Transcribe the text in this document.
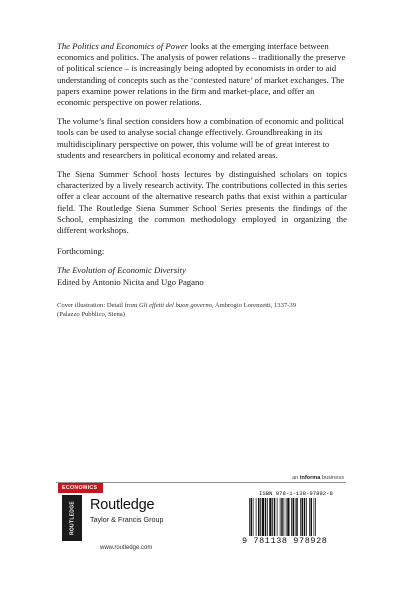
The Politics and Economics of Power looks at the emerging interface between economics and politics. The analysis of power relations – traditionally the preserve of political science – is increasingly being adopted by economists in order to aid understanding of concepts such as the ‘contested nature’ of market exchanges. The papers examine power relations in the firm and market-place, and offer an economic perspective on power relations.

The volume’s final section considers how a combination of economic and political tools can be used to analyse social change effectively. Groundbreaking in its multidisciplinary perspective on power, this volume will be of great interest to students and researchers in political economy and related areas.

The Siena Summer School hosts lectures by distinguished scholars on topics characterized by a lively research activity. The contributions collected in this series offer a clear account of the alternative research paths that exist within a particular field. The Routledge Siena Summer School Series presents the findings of the School, emphasizing the common methodology employed in organizing the different workshops.

Forthcoming:
The Evolution of Economic Diversity
Edited by Antonio Nicita and Ugo Pagano
Cover illustration: Detail from Gli effetti del buon governo, Ambrogio Lorenzetti, 1337-39
(Palazzo Pubblico, Siena)
an informa business
ECONOMICS
ROUTLEDGE Routledge
Taylor & Francis Group
www.routledge.com
ISBN 978-1-138-97892-8
9 781138 978928
